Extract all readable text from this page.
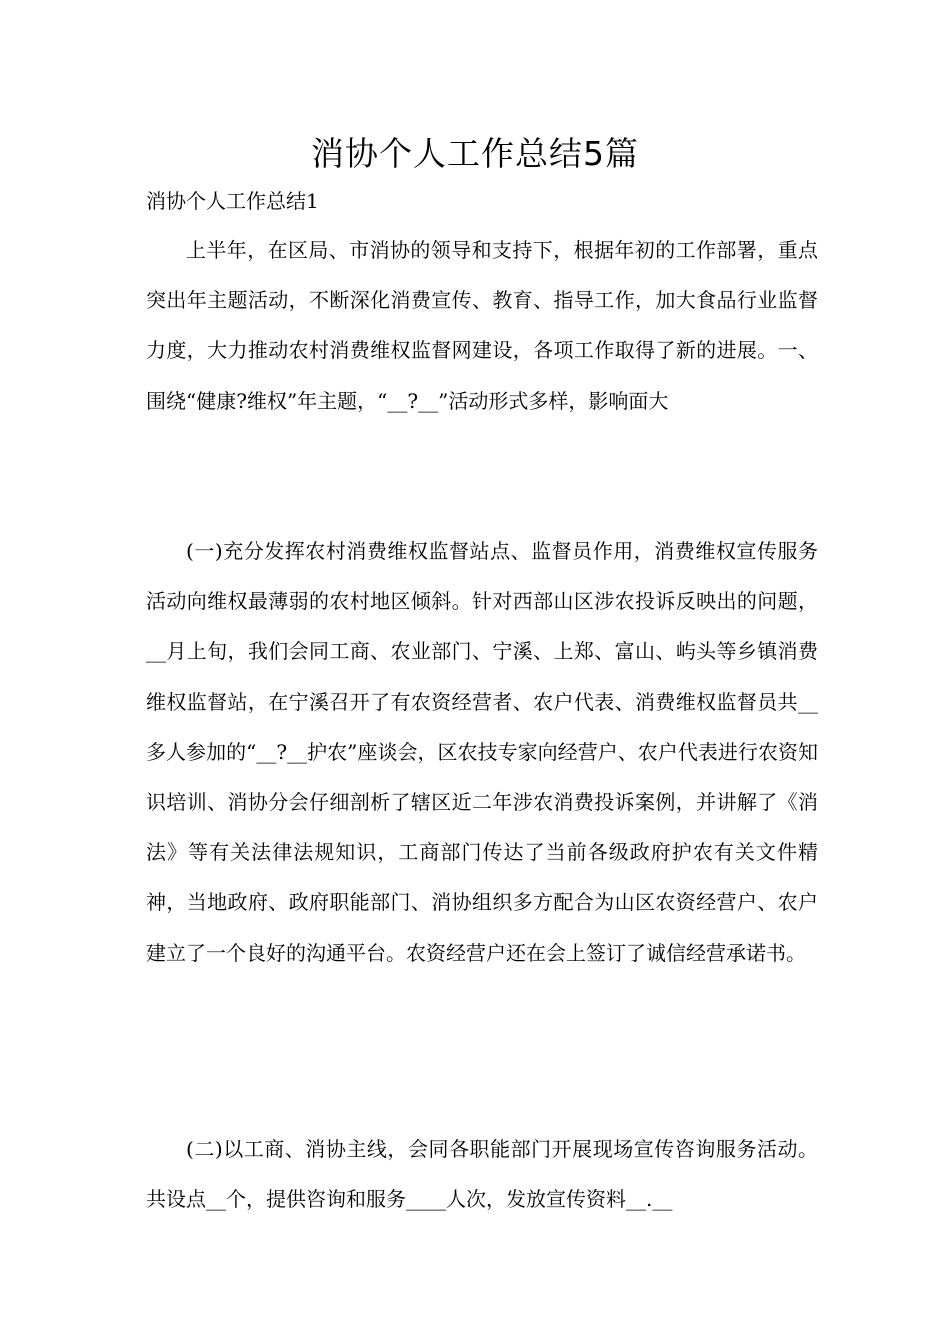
消协个人工作总结5篇
消协个人工作总结1

上半年，在区局、市消协的领导和支持下，根据年初的工作部署，重点突出年主题活动，不断深化消费宣传、教育、指导工作，加大食品行业监督力度，大力推动农村消费维权监督网建设，各项工作取得了新的进展。一、围绕“健康?维权”年主题，“__?__”活动形式多样，影响面大

(一)充分发挥农村消费维权监督站点、监督员作用，消费维权宣传服务活动向维权最薄弱的农村地区倾斜。针对西部山区涉农投诉反映出的问题，__月上旬，我们会同工商、农业部门、宁溪、上郑、富山、屿头等乡镇消费维权监督站，在宁溪召开了有农资经营者、农户代表、消费维权监督员共__多人参加的“__?__护农”座谈会，区农技专家向经营户、农户代表进行农资知识培训、消协分会仔细剖析了辖区近二年涉农消费投诉案例，并讲解了《消法》等有关法律法规知识，工商部门传达了当前各级政府护农有关文件精神，当地政府、政府职能部门、消协组织多方配合为山区农资经营户、农户建立了一个良好的沟通平台。农资经营户还在会上签订了诚信经营承诺书。

(二)以工商、消协主线，会同各职能部门开展现场宣传咨询服务活动。共设点__个，提供咨询和服务____人次，发放宣传资料__.__
